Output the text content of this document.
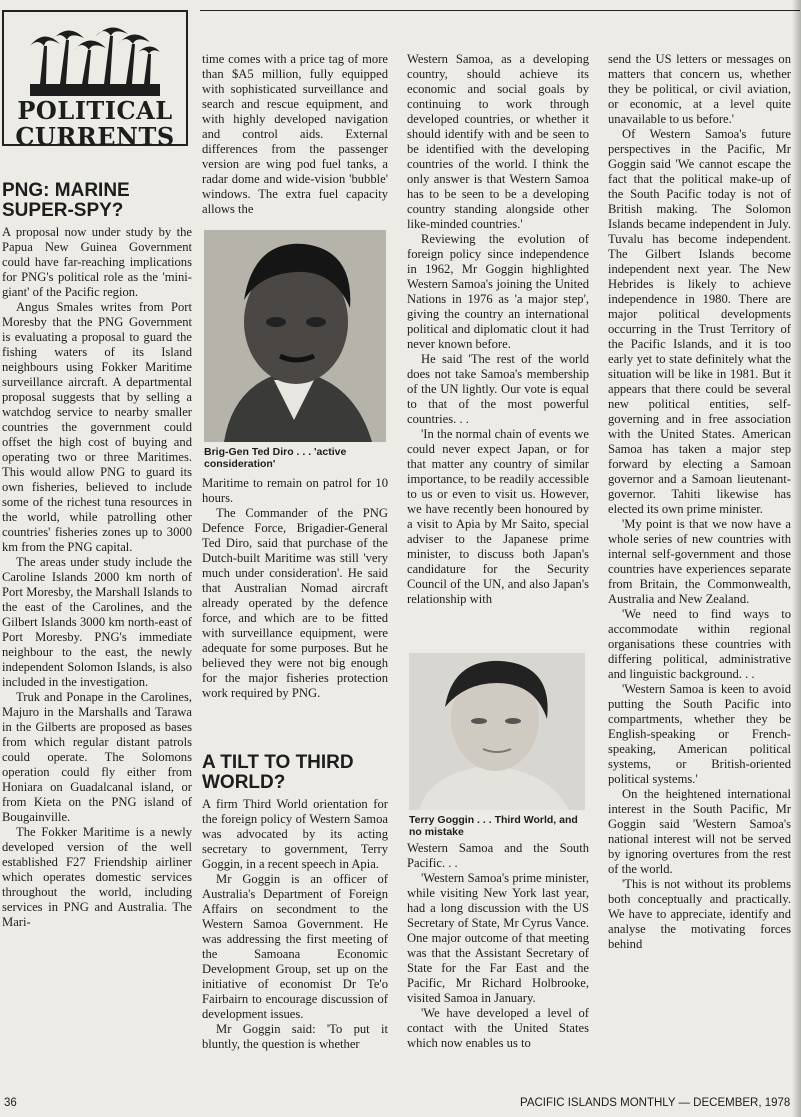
POLITICAL
CURRENTS
PNG: MARINE SUPER-SPY?

A proposal now under study by the Papua New Guinea Government could have far-reaching implications for PNG's political role as the 'mini-giant' of the Pacific region.

Angus Smales writes from Port Moresby that the PNG Government is evaluating a proposal to guard the fishing waters of its Island neighbours using Fokker Maritime surveillance aircraft. A departmental proposal suggests that by selling a watchdog service to nearby smaller countries the government could offset the high cost of buying and operating two or three Maritimes. This would allow PNG to guard its own fisheries, believed to include some of the richest tuna resources in the world, while patrolling other countries' fisheries zones up to 3000 km from the PNG capital.

The areas under study include the Caroline Islands 2000 km north of Port Moresby, the Marshall Islands to the east of the Carolines, and the Gilbert Islands 3000 km north-east of Port Moresby. PNG's immediate neighbour to the east, the newly independent Solomon Islands, is also included in the investigation.

Truk and Ponape in the Carolines, Majuro in the Marshalls and Tarawa in the Gilberts are proposed as bases from which regular distant patrols could operate. The Solomons operation could fly either from Honiara on Guadalcanal island, or from Kieta on the PNG island of Bougainville.

The Fokker Maritime is a newly developed version of the well established F27 Friendship airliner which operates domestic services throughout the world, including services in PNG and Australia. The Mari-

time comes with a price tag of more than $A5 million, fully equipped with sophisticated surveillance and search and rescue equipment, and with highly developed navigation and control aids. External differences from the passenger version are wing pod fuel tanks, a radar dome and wide-vision 'bubble' windows. The extra fuel capacity allows the

Brig-Gen Ted Diro . . . 'active consideration'

Maritime to remain on patrol for 10 hours.

The Commander of the PNG Defence Force, Brigadier-General Ted Diro, said that purchase of the Dutch-built Maritime was still 'very much under consideration'. He said that Australian Nomad aircraft already operated by the defence force, and which are to be fitted with surveillance equipment, were adequate for some purposes. But he believed they were not big enough for the major fisheries protection work required by PNG.

A TILT TO THIRD WORLD?

A firm Third World orientation for the foreign policy of Western Samoa was advocated by its acting secretary to government, Terry Goggin, in a recent speech in Apia.

Mr Goggin is an officer of Australia's Department of Foreign Affairs on secondment to the Western Samoa Government. He was addressing the first meeting of the Samoana Economic Development Group, set up on the initiative of economist Dr Te'o Fairbairn to encourage discussion of development issues.

Mr Goggin said: 'To put it bluntly, the question is whether

Western Samoa, as a developing country, should achieve its economic and social goals by continuing to work through developed countries, or whether it should identify with and be seen to be identified with the developing countries of the world. I think the only answer is that Western Samoa has to be seen to be a developing country standing alongside other like-minded countries.'

Reviewing the evolution of foreign policy since independence in 1962, Mr Goggin highlighted Western Samoa's joining the United Nations in 1976 as 'a major step', giving the country an international political and diplomatic clout it had never known before.

He said 'The rest of the world does not take Samoa's membership of the UN lightly. Our vote is equal to that of the most powerful countries. . .

'In the normal chain of events we could never expect Japan, or for that matter any country of similar importance, to be readily accessible to us or even to visit us. However, we have recently been honoured by a visit to Apia by Mr Saito, special adviser to the Japanese prime minister, to discuss both Japan's candidature for the Security Council of the UN, and also Japan's relationship with

Terry Goggin . . . Third World, and no mistake

Western Samoa and the South Pacific. . .

'Western Samoa's prime minister, while visiting New York last year, had a long discussion with the US Secretary of State, Mr Cyrus Vance. One major outcome of that meeting was that the Assistant Secretary of State for the Far East and the Pacific, Mr Richard Holbrooke, visited Samoa in January.

'We have developed a level of contact with the United States which now enables us to

send the US letters or messages on matters that concern us, whether they be political, or civil aviation, or economic, at a level quite unavailable to us before.'

Of Western Samoa's future perspectives in the Pacific, Mr Goggin said 'We cannot escape the fact that the political make-up of the South Pacific today is not of British making. The Solomon Islands became independent in July. Tuvalu has become independent. The Gilbert Islands become independent next year. The New Hebrides is likely to achieve independence in 1980. There are major political developments occurring in the Trust Territory of the Pacific Islands, and it is too early yet to state definitely what the situation will be like in 1981. But it appears that there could be several new political entities, self-governing and in free association with the United States. American Samoa has taken a major step forward by electing a Samoan governor and a Samoan lieutenant-governor. Tahiti likewise has elected its own prime minister.

'My point is that we now have a whole series of new countries with internal self-government and those countries have experiences separate from Britain, the Commonwealth, Australia and New Zealand.

'We need to find ways to accommodate within regional organisations these countries with differing political, administrative and linguistic background. . .

'Western Samoa is keen to avoid putting the South Pacific into compartments, whether they be English-speaking or French-speaking, American political systems, or British-oriented political systems.'

On the heightened international interest in the South Pacific, Mr Goggin said 'Western Samoa's national interest will not be served by ignoring overtures from the rest of the world.

'This is not without its problems both conceptually and practically. We have to appreciate, identify and analyse the motivating forces behind

36	PACIFIC ISLANDS MONTHLY — DECEMBER, 1978
